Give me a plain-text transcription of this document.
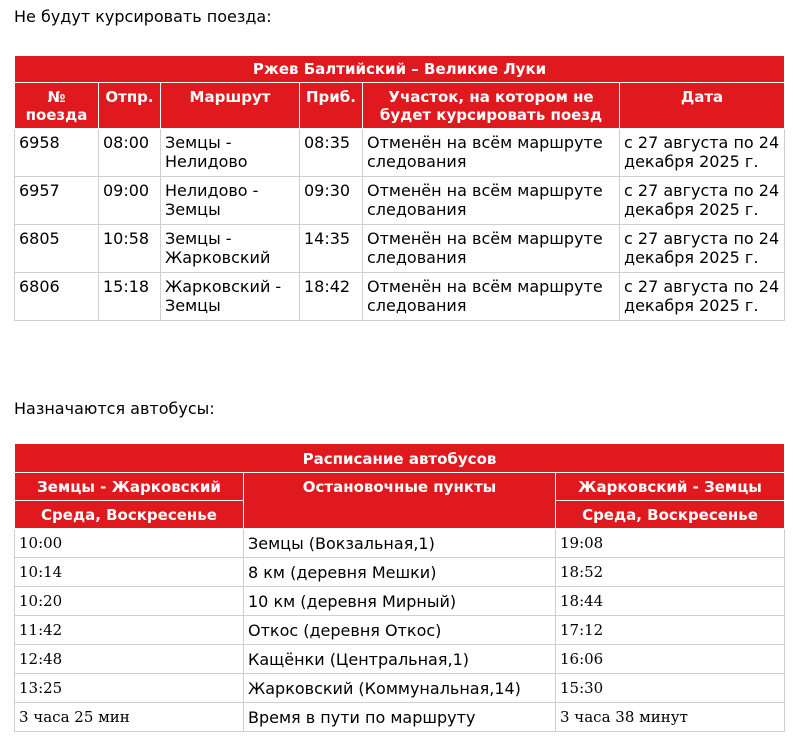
Не будут курсировать поезда:

Ржев Балтийский – Великие Луки					
№ поезда	Отпр.	Маршрут	Приб.	Участок, на котором не будет курсировать поезд	Дата
6958	08:00	Земцы - Нелидово	08:35	Отменён на всём маршруте следования	с 27 августа по 24 декабря 2025 г.
6957	09:00	Нелидово - Земцы	09:30	Отменён на всём маршруте следования	с 27 августа по 24 декабря 2025 г.
6805	10:58	Земцы - Жарковский	14:35	Отменён на всём маршруте следования	с 27 августа по 24 декабря 2025 г.
6806	15:18	Жарковский - Земцы	18:42	Отменён на всём маршруте следования	с 27 августа по 24 декабря 2025 г.

Назначаются автобусы:

Расписание автобусов		
Земцы - Жарковский	Остановочные пункты	Жарковский - Земцы
Среда, Воскресенье		Среда, Воскресенье
10:00	Земцы (Вокзальная,1)	19:08
10:14	8 км (деревня Мешки)	18:52
10:20	10 км (деревня Мирный)	18:44
11:42	Откос (деревня Откос)	17:12
12:48	Кащёнки (Центральная,1)	16:06
13:25	Жарковский (Коммунальная,14)	15:30
3 часа 25 мин	Время в пути по маршруту	3 часа 38 минут
